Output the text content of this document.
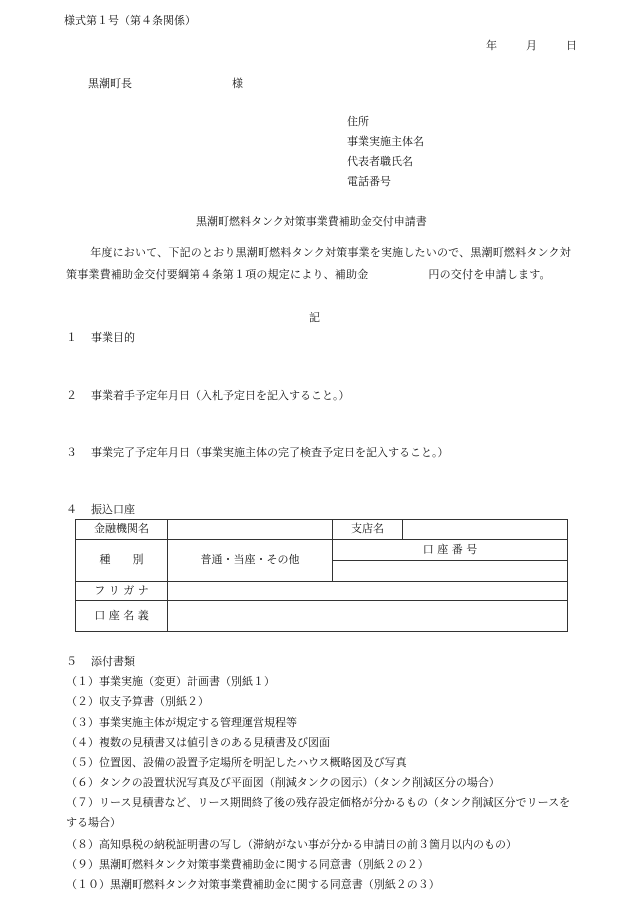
様式第１号（第４条関係）
年	月	日
黒潮町長	様
住所
事業実施主体名
代表者職氏名
電話番号
黒潮町燃料タンク対策事業費補助金交付申請書
年度において、下記のとおり黒潮町燃料タンク対策事業を実施したいので、黒潮町燃料タンク対策事業費補助金交付要綱第４条第１項の規定により、補助金	円の交付を申請します。
記
１ 事業目的
２ 事業着手予定年月日（入札予定日を記入すること。）
３ 事業完了予定年月日（事業実施主体の完了検査予定日を記入すること。）
４ 振込口座
金融機関名		支店名	
種　　別	普通・当座・その他	口 座 番 号	

フ リ ガ ナ			
口 座 名 義			
５ 添付書類
（１）事業実施（変更）計画書（別紙１）
（２）収支予算書（別紙２）
（３）事業実施主体が規定する管理運営規程等
（４）複数の見積書又は値引きのある見積書及び図面
（５）位置図、設備の設置予定場所を明記したハウス概略図及び写真
（６）タンクの設置状況写真及び平面図（削減タンクの図示）（タンク削減区分の場合）
（７）リース見積書など、リース期間終了後の残存設定価格が分かるもの（タンク削減区分でリースをする場合）
（８）高知県税の納税証明書の写し（滞納がない事が分かる申請日の前３箇月以内のもの）
（９）黒潮町燃料タンク対策事業費補助金に関する同意書（別紙２の２）
（１０）黒潮町燃料タンク対策事業費補助金に関する同意書（別紙２の３）
